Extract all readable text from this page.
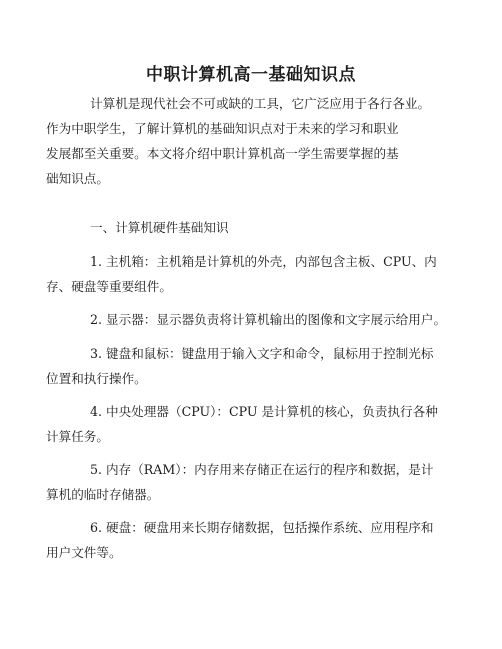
中职计算机高一基础知识点
计算机是现代社会不可或缺的工具，它广泛应用于各行各业。
作为中职学生，了解计算机的基础知识点对于未来的学习和职业
发展都至关重要。本文将介绍中职计算机高一学生需要掌握的基
础知识点。
一、计算机硬件基础知识
1. 主机箱：主机箱是计算机的外壳，内部包含主板、CPU、内
存、硬盘等重要组件。
2. 显示器：显示器负责将计算机输出的图像和文字展示给用户。
3. 键盘和鼠标：键盘用于输入文字和命令，鼠标用于控制光标
位置和执行操作。
4. 中央处理器（CPU）：CPU 是计算机的核心，负责执行各种
计算任务。
5. 内存（RAM）：内存用来存储正在运行的程序和数据，是计
算机的临时存储器。
6. 硬盘：硬盘用来长期存储数据，包括操作系统、应用程序和
用户文件等。
